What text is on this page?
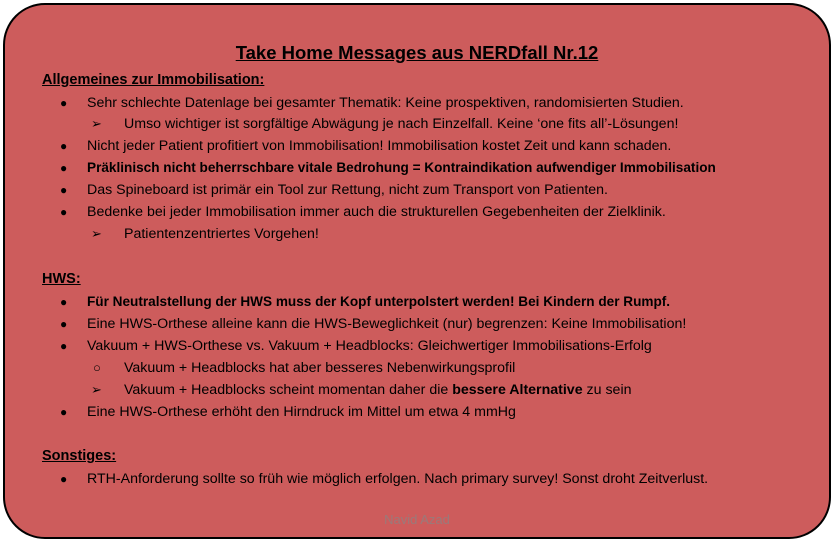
Take Home Messages aus NERDfall Nr.12
Allgemeines zur Immobilisation:
● Sehr schlechte Datenlage bei gesamter Thematik: Keine prospektiven, randomisierten Studien.
➢ Umso wichtiger ist sorgfältige Abwägung je nach Einzelfall. Keine ‘one fits all’-Lösungen!
● Nicht jeder Patient profitiert von Immobilisation! Immobilisation kostet Zeit und kann schaden.
● Präklinisch nicht beherrschbare vitale Bedrohung = Kontraindikation aufwendiger Immobilisation
● Das Spineboard ist primär ein Tool zur Rettung, nicht zum Transport von Patienten.
● Bedenke bei jeder Immobilisation immer auch die strukturellen Gegebenheiten der Zielklinik.
➢ Patientenzentriertes Vorgehen!
HWS:
● Für Neutralstellung der HWS muss der Kopf unterpolstert werden! Bei Kindern der Rumpf.
● Eine HWS-Orthese alleine kann die HWS-Beweglichkeit (nur) begrenzen: Keine Immobilisation!
● Vakuum + HWS-Orthese vs. Vakuum + Headblocks: Gleichwertiger Immobilisations-Erfolg
○ Vakuum + Headblocks hat aber besseres Nebenwirkungsprofil
➢ Vakuum + Headblocks scheint momentan daher die bessere Alternative zu sein
● Eine HWS-Orthese erhöht den Hirndruck im Mittel um etwa 4 mmHg
Sonstiges:
● RTH-Anforderung sollte so früh wie möglich erfolgen. Nach primary survey! Sonst droht Zeitverlust.
Navid Azad
